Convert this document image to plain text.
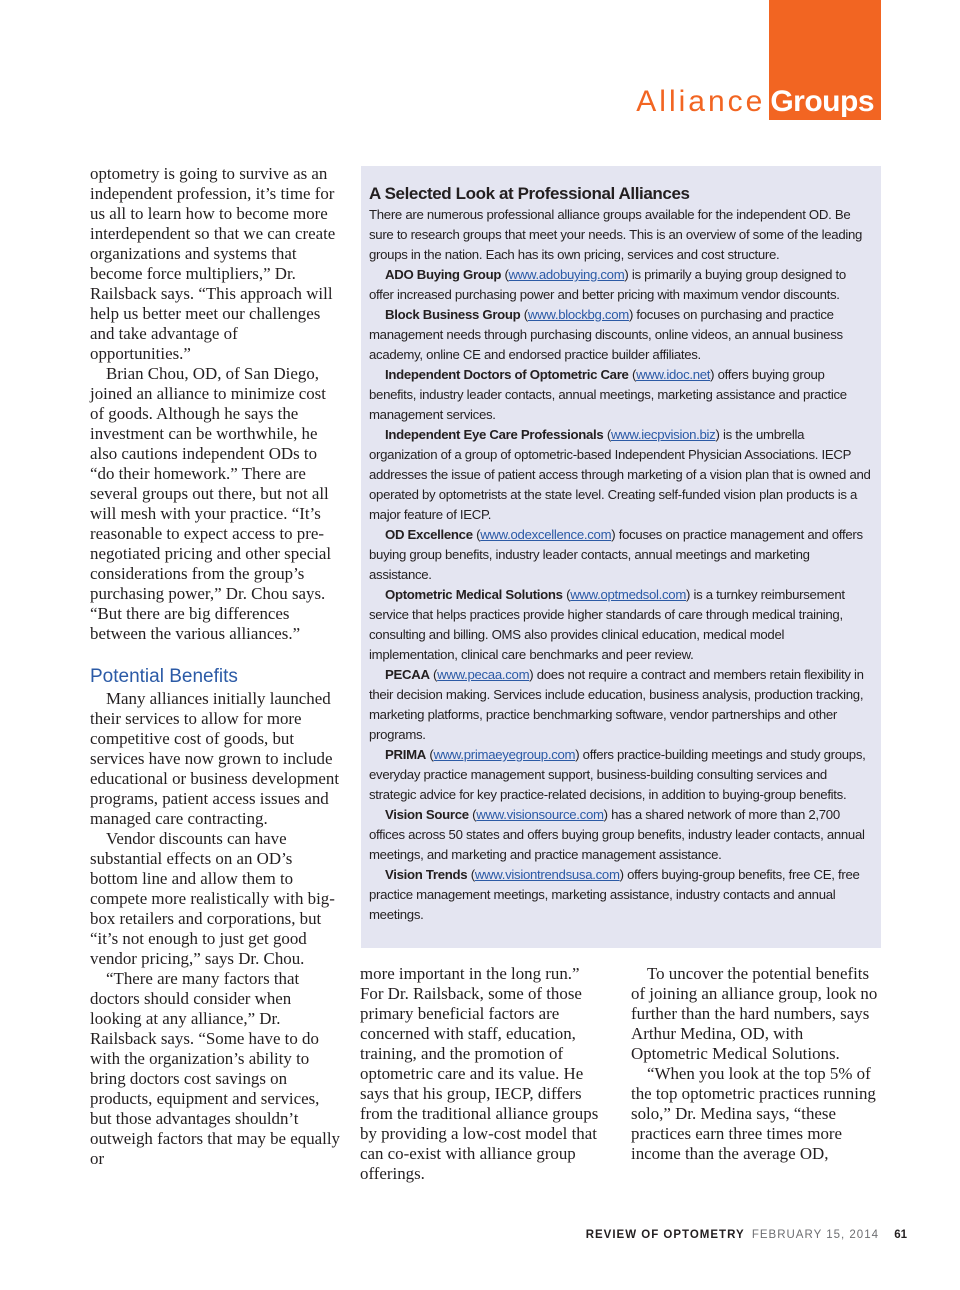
Alliance Groups

optometry is going to survive as an independent profession, it’s time for us all to learn how to become more interdependent so that we can create organizations and systems that become force multipliers,” Dr. Railsback says. “This approach will help us better meet our challenges and take advantage of opportunities.”

Brian Chou, OD, of San Diego, joined an alliance to minimize cost of goods. Although he says the investment can be worthwhile, he also cautions independent ODs to “do their homework.” There are several groups out there, but not all will mesh with your practice. “It’s reasonable to expect access to pre-negotiated pricing and other special considerations from the group’s purchasing power,” Dr. Chou says. “But there are big differences between the various alliances.”

Potential Benefits

Many alliances initially launched their services to allow for more competitive cost of goods, but services have now grown to include educational or business development programs, patient access issues and managed care contracting.

Vendor discounts can have substantial effects on an OD’s bottom line and allow them to compete more realistically with big-box retailers and corporations, but “it’s not enough to just get good vendor pricing,” says Dr. Chou.

“There are many factors that doctors should consider when looking at any alliance,” Dr. Railsback says. “Some have to do with the organization’s ability to bring doctors cost savings on products, equipment and services, but those advantages shouldn’t outweigh factors that may be equally or

A Selected Look at Professional Alliances

There are numerous professional alliance groups available for the independent OD. Be sure to research groups that meet your needs. This is an overview of some of the leading groups in the nation. Each has its own pricing, services and cost structure.

ADO Buying Group (www.adobuying.com) is primarily a buying group designed to offer increased purchasing power and better pricing with maximum vendor discounts.

Block Business Group (www.blockbg.com) focuses on purchasing and practice management needs through purchasing discounts, online videos, an annual business academy, online CE and endorsed practice builder affiliates.

Independent Doctors of Optometric Care (www.idoc.net) offers buying group benefits, industry leader contacts, annual meetings, marketing assistance and practice management services.

Independent Eye Care Professionals (www.iecpvision.biz) is the umbrella organization of a group of optometric-based Independent Physician Associations. IECP addresses the issue of patient access through marketing of a vision plan that is owned and operated by optometrists at the state level. Creating self-funded vision plan products is a major feature of IECP.

OD Excellence (www.odexcellence.com) focuses on practice management and offers buying group benefits, industry leader contacts, annual meetings and marketing assistance.

Optometric Medical Solutions (www.optmedsol.com) is a turnkey reimbursement service that helps practices provide higher standards of care through medical training, consulting and billing. OMS also provides clinical education, medical model implementation, clinical care benchmarks and peer review.

PECAA (www.pecaa.com) does not require a contract and members retain flexibility in their decision making. Services include education, business analysis, production tracking, marketing platforms, practice benchmarking software, vendor partnerships and other programs.

PRIMA (www.primaeyegroup.com) offers practice-building meetings and study groups, everyday practice management support, business-building consulting services and strategic advice for key practice-related decisions, in addition to buying-group benefits.

Vision Source (www.visionsource.com) has a shared network of more than 2,700 offices across 50 states and offers buying group benefits, industry leader contacts, annual meetings, and marketing and practice management assistance.

Vision Trends (www.visiontrendsusa.com) offers buying-group benefits, free CE, free practice management meetings, marketing assistance, industry contacts and annual meetings.

more important in the long run.” For Dr. Railsback, some of those primary beneficial factors are concerned with staff, education, training, and the promotion of optometric care and its value. He says that his group, IECP, differs from the traditional alliance groups by providing a low-cost model that can co-exist with alliance group offerings.

To uncover the potential benefits of joining an alliance group, look no further than the hard numbers, says Arthur Medina, OD, with Optometric Medical Solutions.

“When you look at the top 5% of the top optometric practices running solo,” Dr. Medina says, “these practices earn three times more income than the average OD,

REVIEW OF OPTOMETRY FEBRUARY 15, 2014 61
